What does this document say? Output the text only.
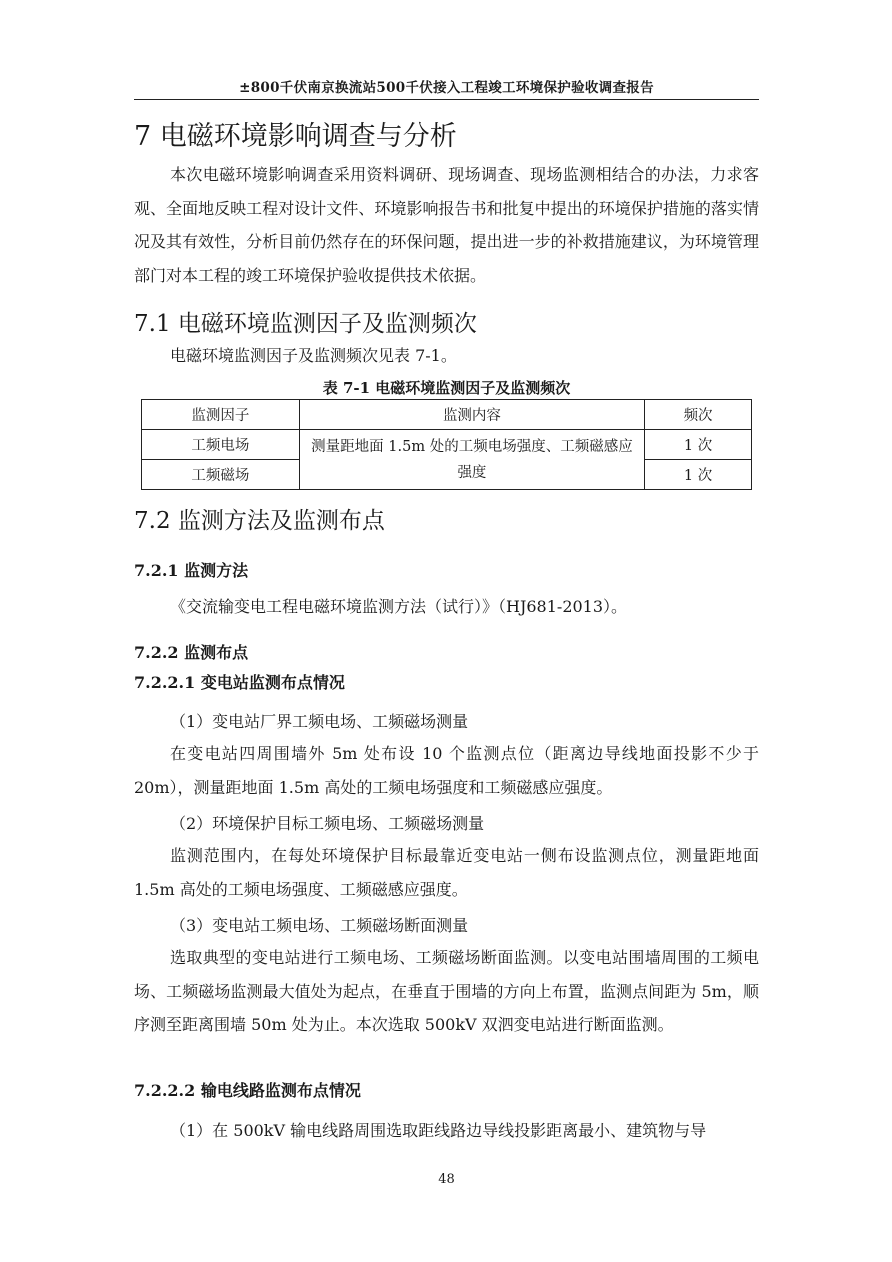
±800千伏南京换流站500千伏接入工程竣工环境保护验收调查报告
7 电磁环境影响调查与分析
本次电磁环境影响调查采用资料调研、现场调查、现场监测相结合的办法，力求客观、全面地反映工程对设计文件、环境影响报告书和批复中提出的环境保护措施的落实情况及其有效性，分析目前仍然存在的环保问题，提出进一步的补救措施建议，为环境管理部门对本工程的竣工环境保护验收提供技术依据。
7.1 电磁环境监测因子及监测频次
电磁环境监测因子及监测频次见表 7-1。
表 7-1 电磁环境监测因子及监测频次
监测因子	监测内容	频次
工频电场	测量距地面 1.5m 处的工频电场强度、工频磁感应强度	1 次
工频磁场		1 次
7.2 监测方法及监测布点
7.2.1 监测方法
《交流输变电工程电磁环境监测方法（试行）》（HJ681-2013）。
7.2.2 监测布点
7.2.2.1 变电站监测布点情况
（1）变电站厂界工频电场、工频磁场测量
在变电站四周围墙外 5m 处布设 10 个监测点位（距离边导线地面投影不少于 20m），测量距地面 1.5m 高处的工频电场强度和工频磁感应强度。
（2）环境保护目标工频电场、工频磁场测量
监测范围内，在每处环境保护目标最靠近变电站一侧布设监测点位，测量距地面 1.5m 高处的工频电场强度、工频磁感应强度。
（3）变电站工频电场、工频磁场断面测量
选取典型的变电站进行工频电场、工频磁场断面监测。以变电站围墙周围的工频电场、工频磁场监测最大值处为起点，在垂直于围墙的方向上布置，监测点间距为 5m，顺序测至距离围墙 50m 处为止。本次选取 500kV 双泗变电站进行断面监测。
7.2.2.2 输电线路监测布点情况
（1）在 500kV 输电线路周围选取距线路边导线投影距离最小、建筑物与导
48
